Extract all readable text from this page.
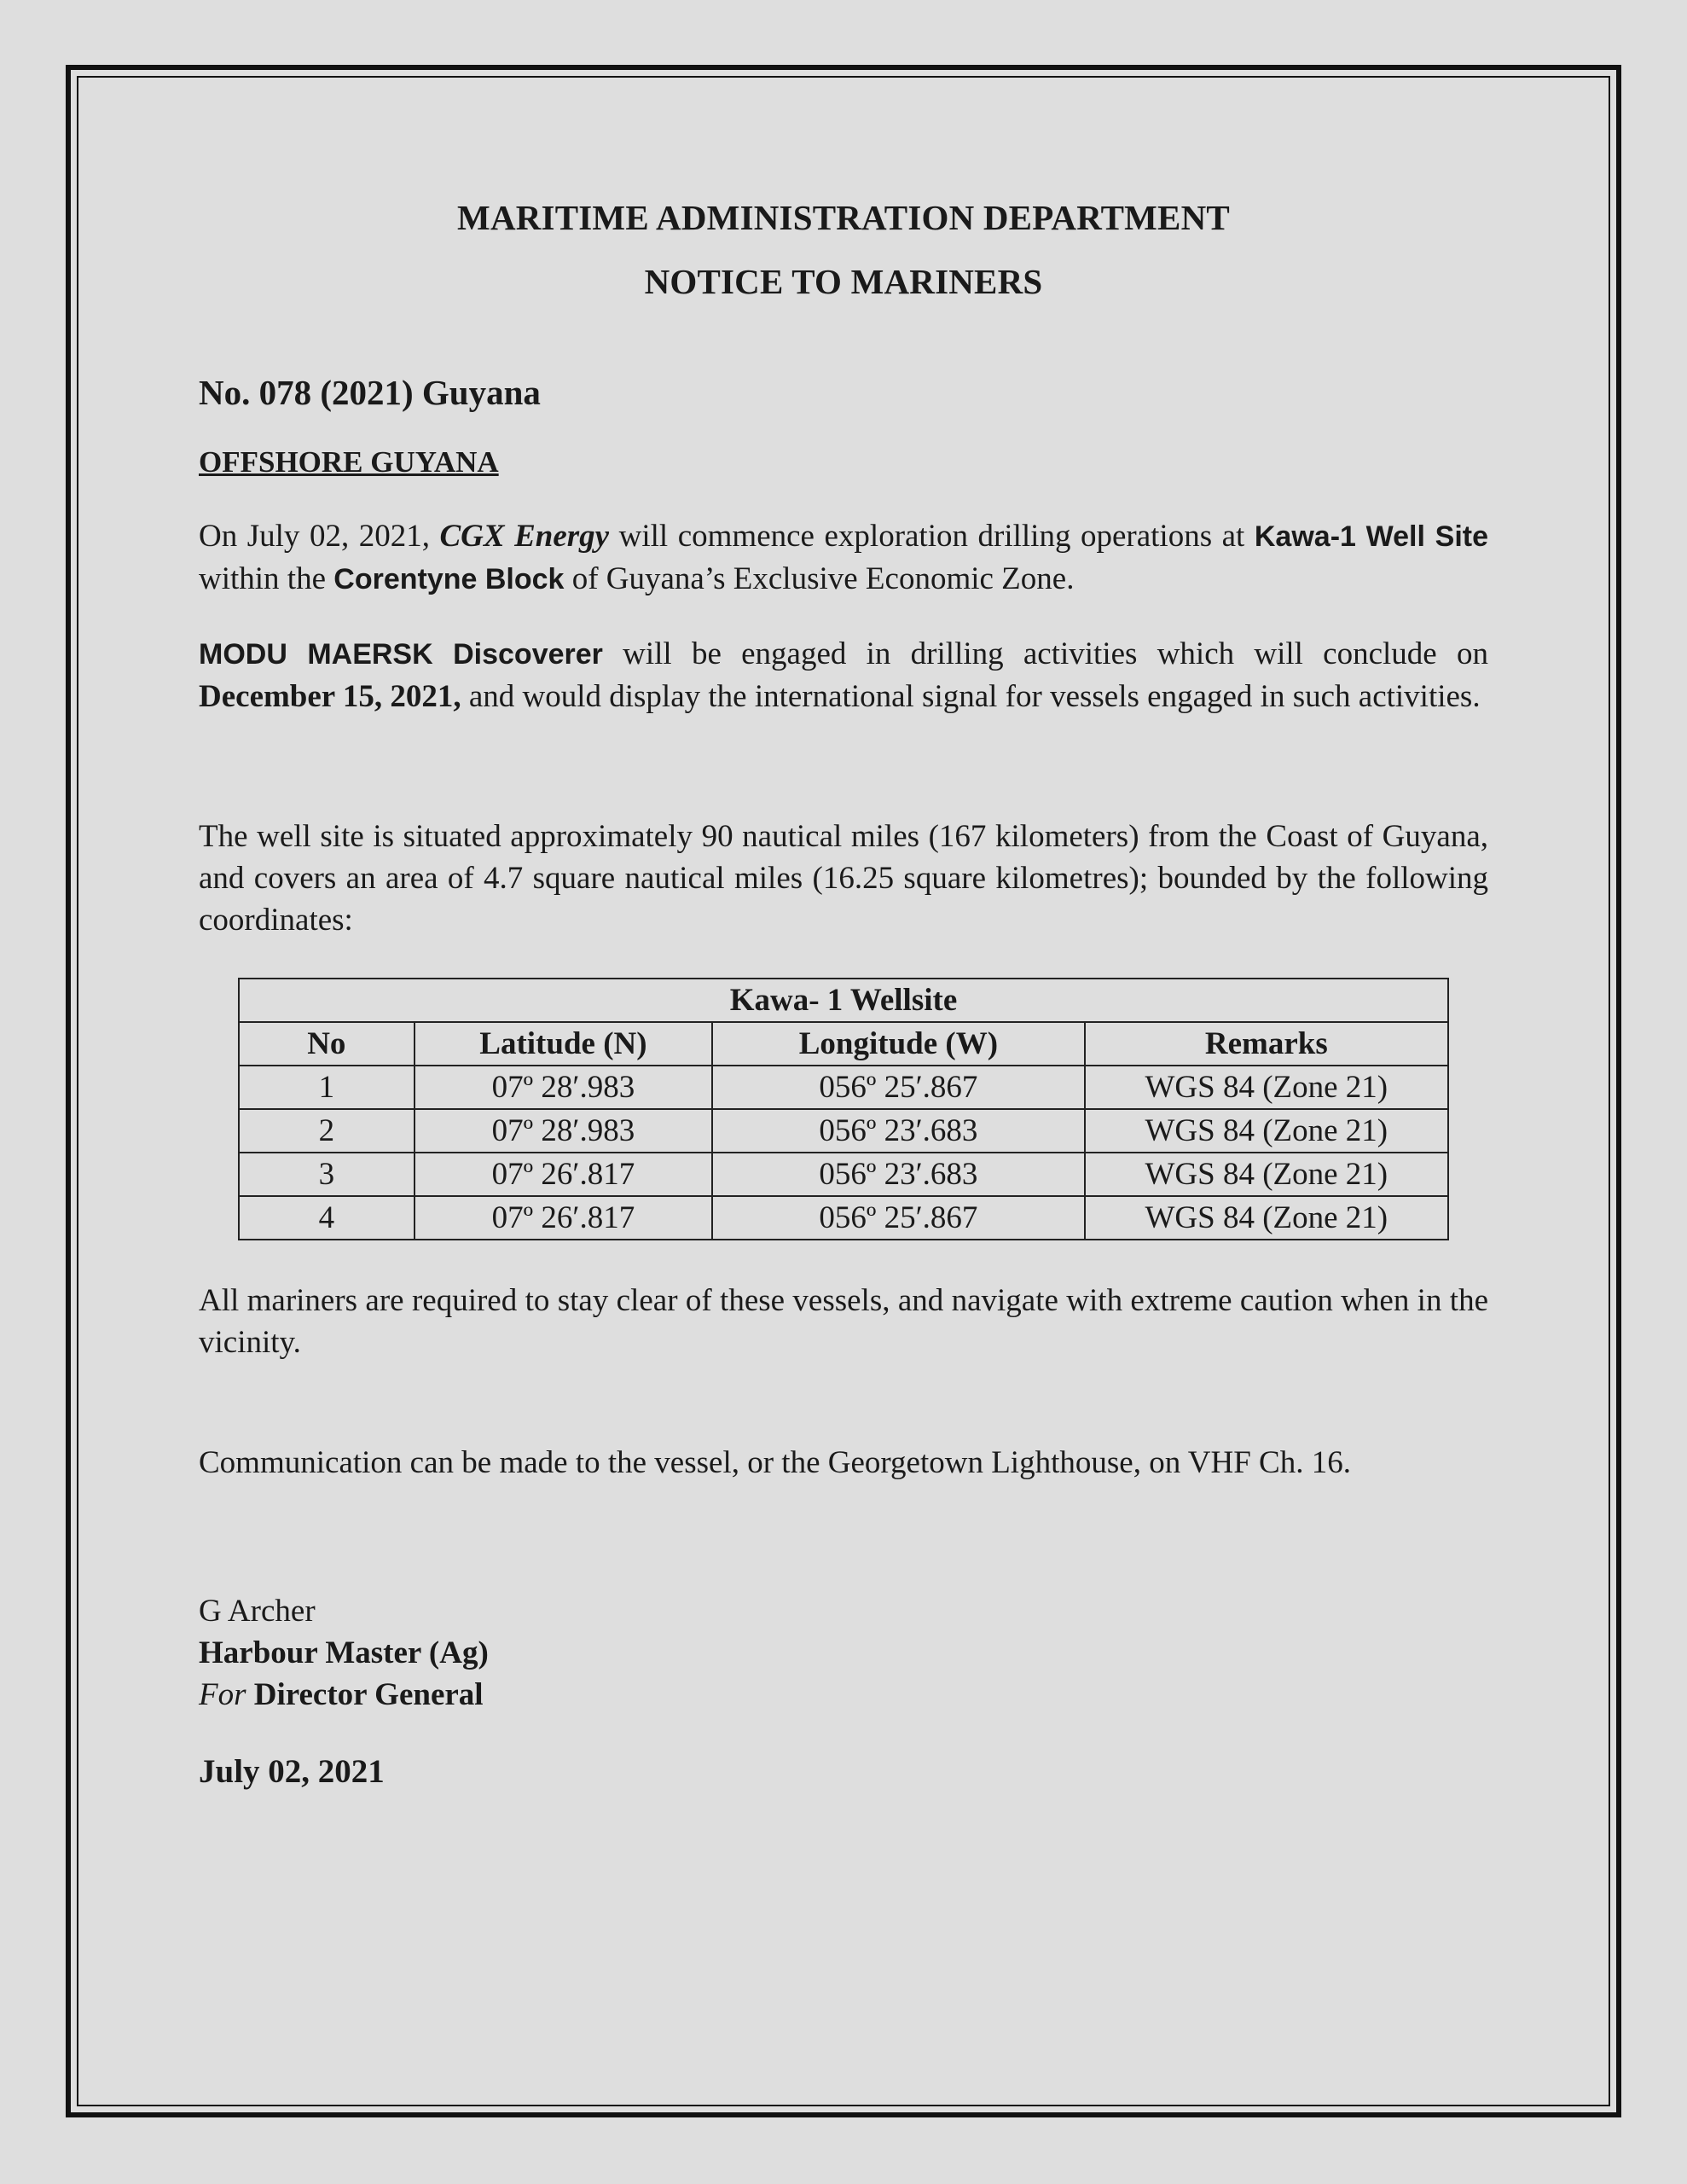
MARITIME ADMINISTRATION DEPARTMENT
NOTICE TO MARINERS
No. 078 (2021) Guyana
OFFSHORE GUYANA
On July 02, 2021, CGX Energy will commence exploration drilling operations at Kawa-1 Well Site within the Corentyne Block of Guyana’s Exclusive Economic Zone.
MODU MAERSK Discoverer will be engaged in drilling activities which will conclude on December 15, 2021, and would display the international signal for vessels engaged in such activities.
The well site is situated approximately 90 nautical miles (167 kilometers) from the Coast of Guyana, and covers an area of 4.7 square nautical miles (16.25 square kilometres); bounded by the following coordinates:
Kawa- 1 Wellsite			
No	Latitude (N)	Longitude (W)	Remarks
1	07º 28′.983	056º 25′.867	WGS 84 (Zone 21)
2	07º 28′.983	056º 23′.683	WGS 84 (Zone 21)
3	07º 26′.817	056º 23′.683	WGS 84 (Zone 21)
4	07º 26′.817	056º 25′.867	WGS 84 (Zone 21)
All mariners are required to stay clear of these vessels, and navigate with extreme caution when in the vicinity.
Communication can be made to the vessel, or the Georgetown Lighthouse, on VHF Ch. 16.
G Archer
Harbour Master (Ag)
For Director General
July 02, 2021
